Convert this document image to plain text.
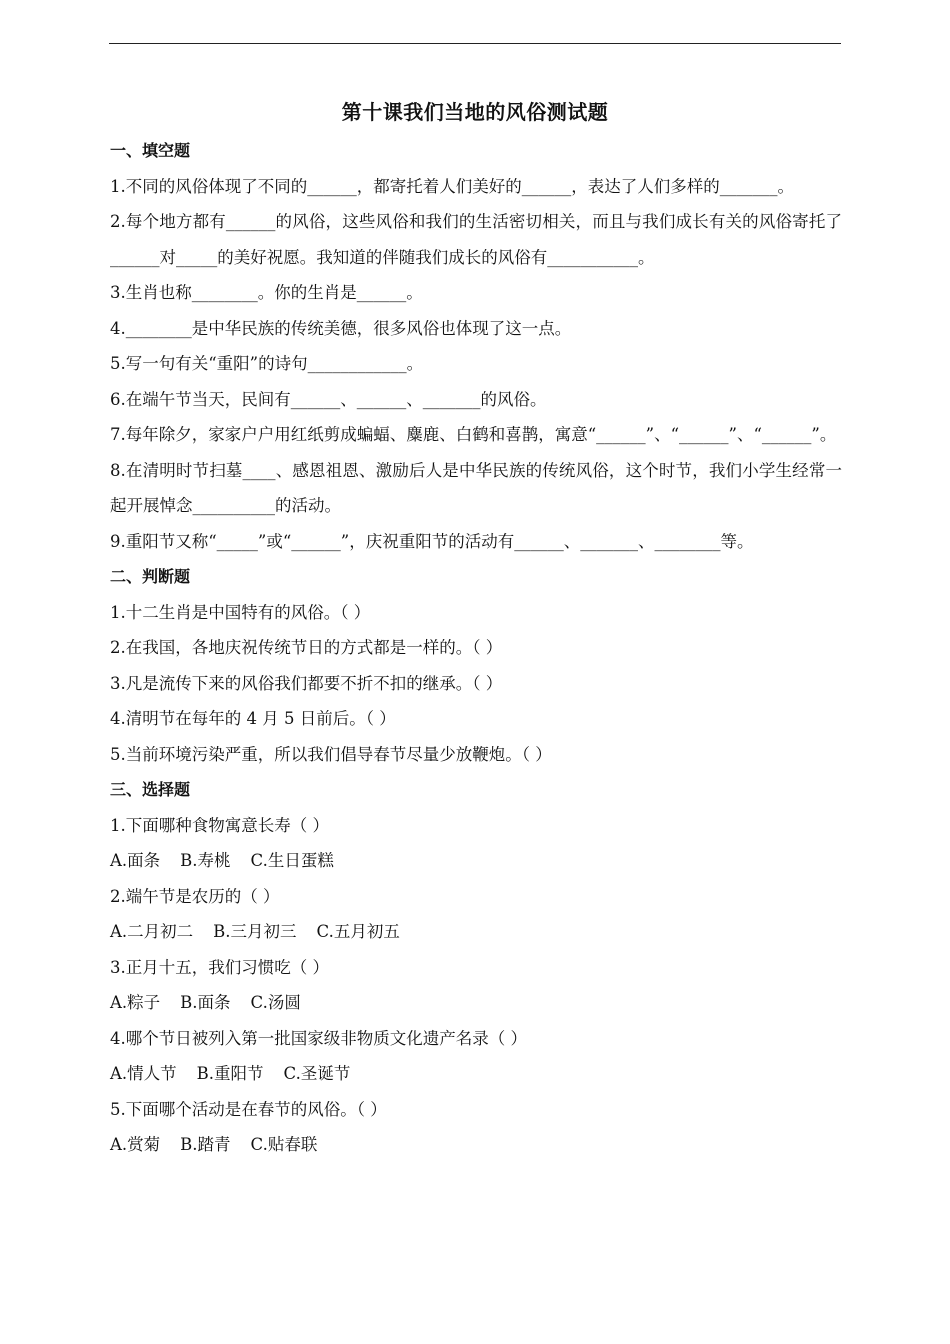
第十课我们当地的风俗测试题
一、填空题
1.不同的风俗体现了不同的______，都寄托着人们美好的______，表达了人们多样的_______。
2.每个地方都有______的风俗，这些风俗和我们的生活密切相关，而且与我们成长有关的风俗寄托了______对_____的美好祝愿。我知道的伴随我们成长的风俗有___________。
3.生肖也称________。你的生肖是______。
4.________是中华民族的传统美德，很多风俗也体现了这一点。
5.写一句有关“重阳”的诗句____________。
6.在端午节当天，民间有______、______、_______的风俗。
7.每年除夕，家家户户用红纸剪成蝙蝠、麋鹿、白鹤和喜鹊，寓意“______”、“______”、“______”。
8.在清明时节扫墓____、感恩祖恩、激励后人是中华民族的传统风俗，这个时节，我们小学生经常一起开展悼念__________的活动。
9.重阳节又称“_____”或“______”，庆祝重阳节的活动有______、_______、________等。
二、判断题
1.十二生肖是中国特有的风俗。（ ）
2.在我国，各地庆祝传统节日的方式都是一样的。（ ）
3.凡是流传下来的风俗我们都要不折不扣的继承。（ ）
4.清明节在每年的 4 月 5 日前后。（ ）
5.当前环境污染严重，所以我们倡导春节尽量少放鞭炮。（ ）
三、选择题
1.下面哪种食物寓意长寿（ ）
A.面条 B.寿桃 C.生日蛋糕
2.端午节是农历的（ ）
A.二月初二 B.三月初三 C.五月初五
3.正月十五，我们习惯吃（ ）
A.粽子 B.面条 C.汤圆
4.哪个节日被列入第一批国家级非物质文化遗产名录（ ）
A.情人节 B.重阳节 C.圣诞节
5.下面哪个活动是在春节的风俗。（ ）
A.赏菊 B.踏青 C.贴春联
